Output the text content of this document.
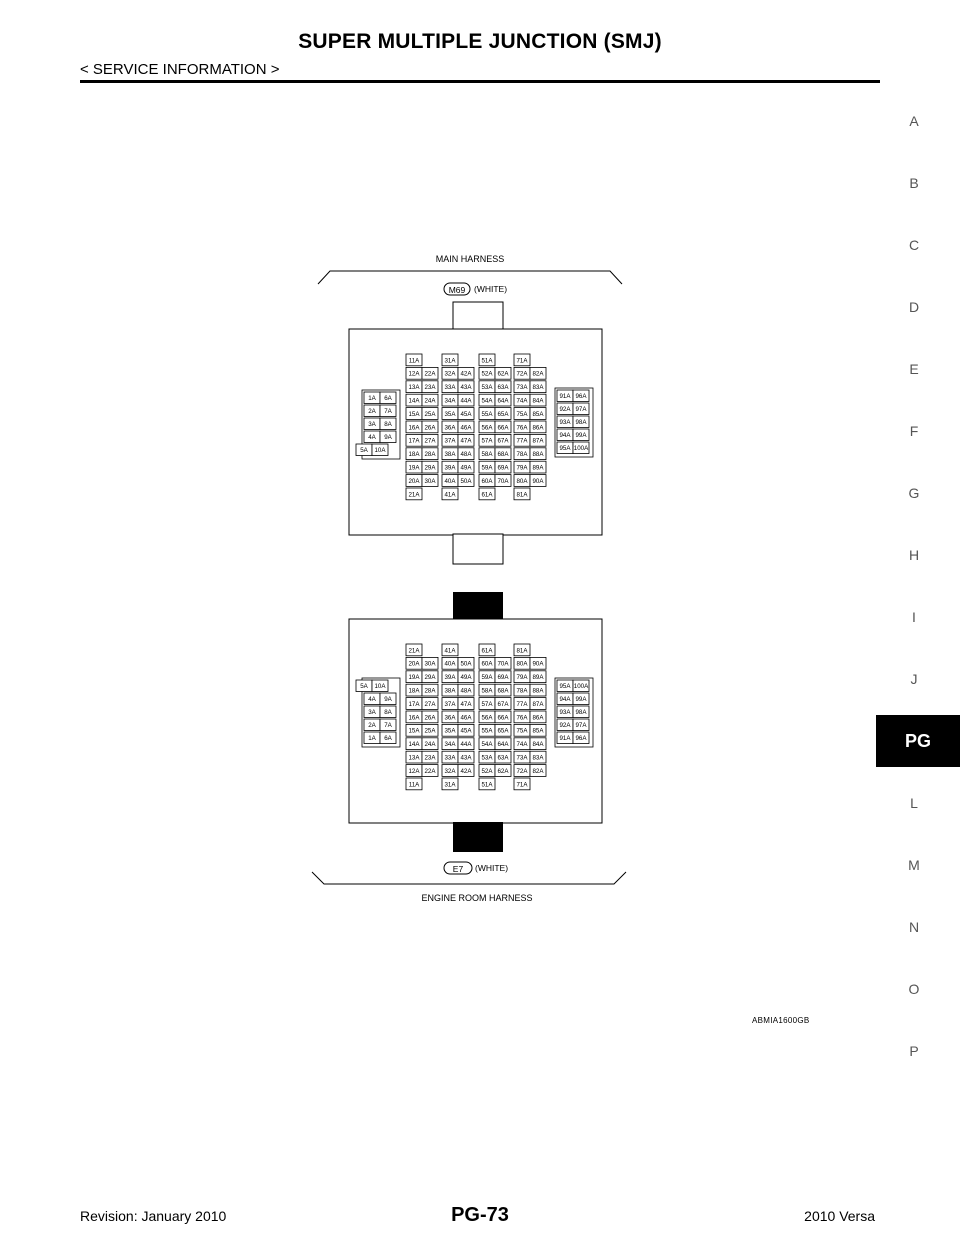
SUPER MULTIPLE JUNCTION (SMJ)
< SERVICE INFORMATION >
A
B
C
D
E
F
G
H
I
J
PG
L
M
N
O
P
MAIN HARNESS
M69 (WHITE)
ENGINE ROOM HARNESS
E7 (WHITE)
11A
12A 22A
13A 23A
14A 24A
15A 25A
16A 26A
17A 27A
18A 28A
19A 29A
20A 30A
21A
31A
32A 42A
33A 43A
34A 44A
35A 45A
36A 46A
37A 47A
38A 48A
39A 49A
40A 50A
41A
51A
52A 62A
53A 63A
54A 64A
55A 65A
56A 66A
57A 67A
58A 68A
59A 69A
60A 70A
61A
71A
72A 82A
73A 83A
74A 84A
75A 85A
76A 86A
77A 87A
78A 88A
79A 89A
80A 90A
81A
1A 6A
2A 7A
3A 8A
4A 9A
5A 10A
91A 96A
92A 97A
93A 98A
94A 99A
95A 100A
21A
20A 30A
19A 29A
18A 28A
17A 27A
16A 26A
15A 25A
14A 24A
13A 23A
12A 22A
11A
41A
40A 50A
39A 49A
38A 48A
37A 47A
36A 46A
35A 45A
34A 44A
33A 43A
32A 42A
31A
61A
60A 70A
59A 69A
58A 68A
57A 67A
56A 66A
55A 65A
54A 64A
53A 63A
52A 62A
51A
81A
80A 90A
79A 89A
78A 88A
77A 87A
76A 86A
75A 85A
74A 84A
73A 83A
72A 82A
71A
5A 10A
4A 9A
3A 8A
2A 7A
1A 6A
95A 100A
94A 99A
93A 98A
92A 97A
91A 96A
ABMIA1600GB
Revision: January 2010	PG-73	2010 Versa
